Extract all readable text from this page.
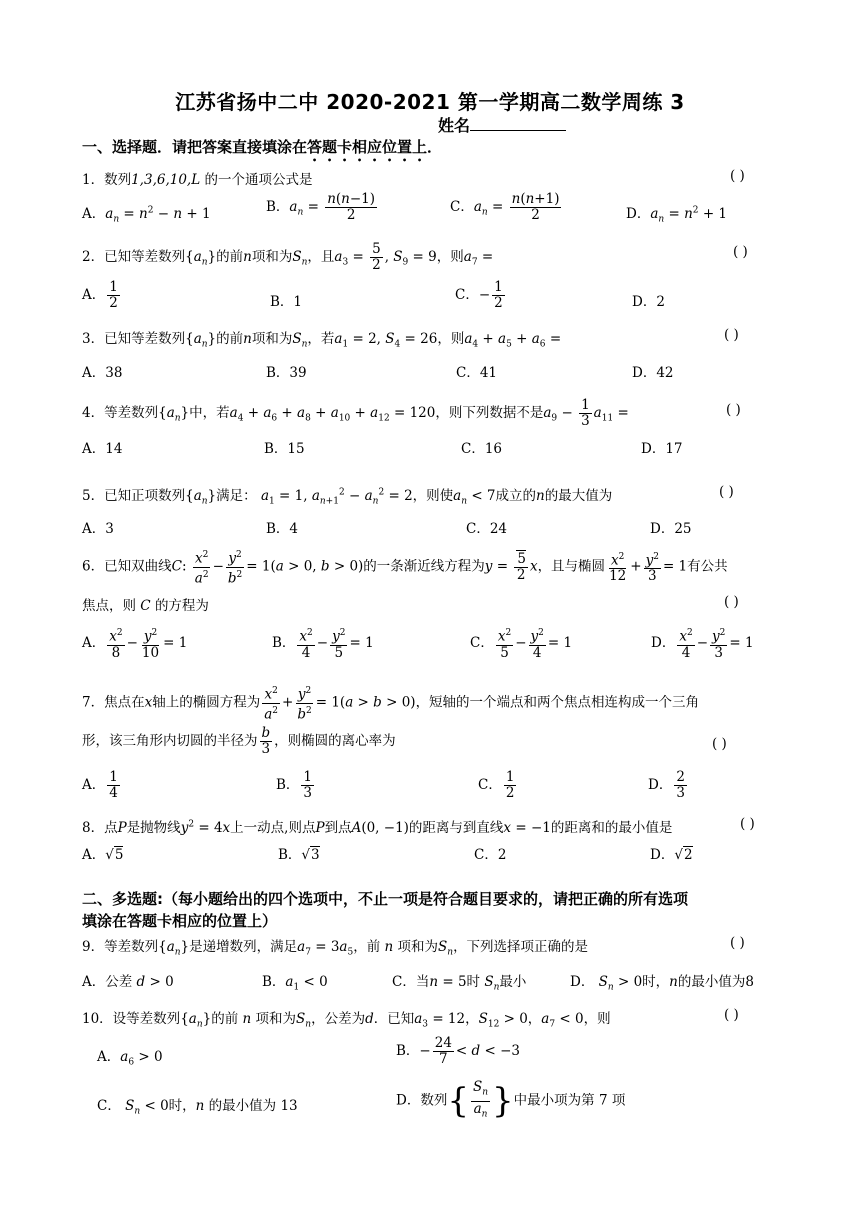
江苏省扬中二中 2020-2021 第一学期高二数学周练 3
姓名
一、选择题．请把答案直接填涂在答题卡相应位置上．
1．数列1,3,6,10,L 的一个通项公式是	( )
A．$a_n = n^2 - n + 1$	B．$a_n = \frac{n(n-1)}{2}$	C．$a_n = \frac{n(n+1)}{2}$	D．$a_n = n^2 + 1$
2．已知等差数列$\{a_n\}$的前n项和为$S_n$，且$a_3 = \frac{5}{2}$ , $S_9 = 9$，则$a_7$ =	( )
A． $\frac{1}{2}$	B．1	C．− $\frac{1}{2}$	D．2
3．已知等差数列$\{a_n\}$的前n项和为$S_n$，若$a_1 = 2$, $S_4 = 26$，则$a_4 + a_5 + a_6$ =	( )
A．38	B．39	C．41	D．42
4．等差数列$\{a_n\}$中，若$a_4 + a_6 + a_8 + a_{10} + a_{12} = 120$，则下列数据不是$a_9 - \frac{1}{3} a_{11}$ =	( )
A．14	B．15	C．16	D．17
5．已知正项数列$\{a_n\}$满足： $a_1 = 1$, $a_{n+1}^2 - a_n^2 = 2$，则使$a_n < 7$成立的n的最大值为	( )
A．3	B．4	C．24	D．25
6．已知双曲线C: $\frac{x^2}{a^2} - \frac{y^2}{b^2} = 1(a > 0$, b > 0)的一条渐近线方程为$y = \frac{5}{2}$ x，且与椭圆 $\frac{x^2}{12} + \frac{y^2}{3} = 1$有公共
焦点，则 C 的方程为	( )
A． $\frac{x^2}{8} - \frac{y^2}{10} = 1$	B． $\frac{x^2}{4} - \frac{y^2}{5} = 1$	C． $\frac{x^2}{5} - \frac{y^2}{4} = 1$	D． $\frac{x^2}{4} - \frac{y^2}{3} = 1$
7．焦点在x轴上的椭圆方程为 $\frac{x^2}{a^2} + \frac{y^2}{b^2} = 1(a > b > 0)$，短轴的一个端点和两个焦点相连构成一个三角
形，该三角形内切圆的半径为 $\frac{b}{3}$ ，则椭圆的离心率为	( )
A． $\frac{1}{4}$	B． $\frac{1}{3}$	C． $\frac{1}{2}$	D． $\frac{2}{3}$
8．点P是抛物线$y^2 = 4x$上一动点,则点P到点A(0, −1)的距离与到直线x = −1的距离和的最小值是	( )
A．√5	B．√3	C．2	D．√2
二、多选题:（每小题给出的四个选项中，不止一项是符合题目要求的，请把正确的所有选项
填涂在答题卡相应的位置上）
9．等差数列$\{a_n\}$是递增数列，满足$a_7 = 3a_5$，前 n 项和为$S_n$，下列选择项正确的是	( )
A．公差 d > 0	B．$a_1 < 0$	C．当n = 5时 $S_n$最小	D． $S_n > 0$时，n的最小值为8
10．设等差数列$\{a_n\}$的前 n 项和为$S_n$，公差为d．已知$a_3 = 12$，$S_{12} > 0$，$a_7 < 0$，则	( )
A．$a_6 > 0$	B．− $\frac{24}{7} < d < -3$
C． $S_n < 0$时，n 的最小值为 13	D．数列{ $\frac{S_n}{a_n}$ }中最小项为第 7 项
